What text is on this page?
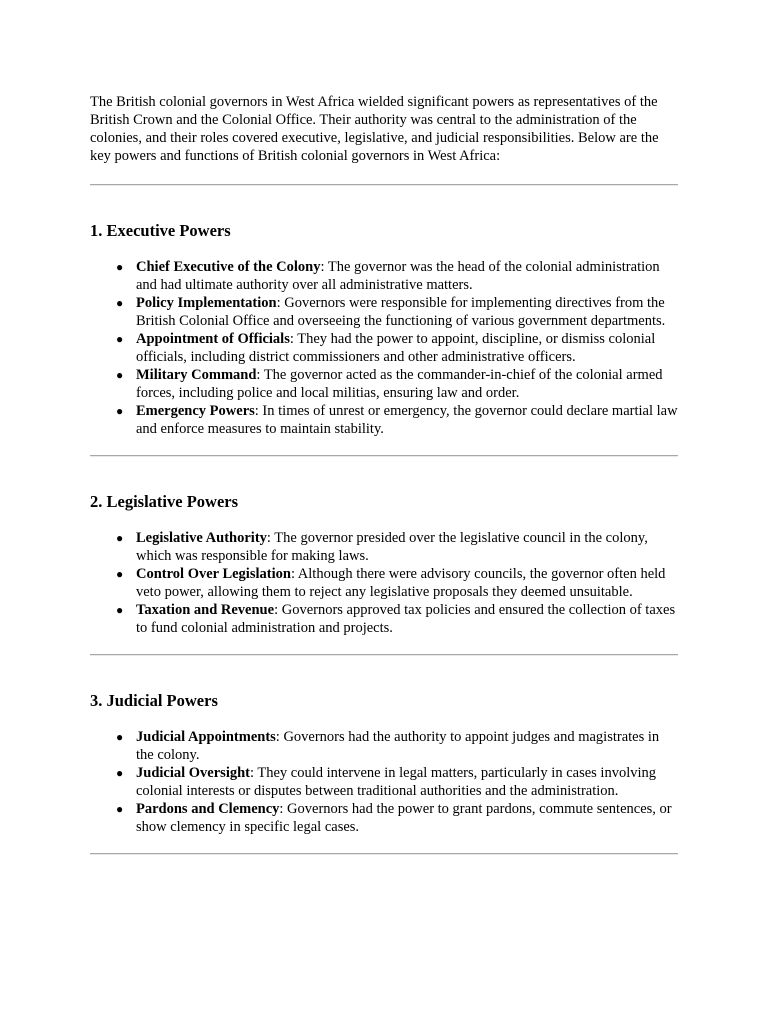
The British colonial governors in West Africa wielded significant powers as representatives of the British Crown and the Colonial Office. Their authority was central to the administration of the colonies, and their roles covered executive, legislative, and judicial responsibilities. Below are the key powers and functions of British colonial governors in West Africa:

1. Executive Powers
● Chief Executive of the Colony: The governor was the head of the colonial administration and had ultimate authority over all administrative matters.
● Policy Implementation: Governors were responsible for implementing directives from the British Colonial Office and overseeing the functioning of various government departments.
● Appointment of Officials: They had the power to appoint, discipline, or dismiss colonial officials, including district commissioners and other administrative officers.
● Military Command: The governor acted as the commander-in-chief of the colonial armed forces, including police and local militias, ensuring law and order.
● Emergency Powers: In times of unrest or emergency, the governor could declare martial law and enforce measures to maintain stability.
2. Legislative Powers
● Legislative Authority: The governor presided over the legislative council in the colony, which was responsible for making laws.
● Control Over Legislation: Although there were advisory councils, the governor often held veto power, allowing them to reject any legislative proposals they deemed unsuitable.
● Taxation and Revenue: Governors approved tax policies and ensured the collection of taxes to fund colonial administration and projects.
3. Judicial Powers
● Judicial Appointments: Governors had the authority to appoint judges and magistrates in the colony.
● Judicial Oversight: They could intervene in legal matters, particularly in cases involving colonial interests or disputes between traditional authorities and the administration.
● Pardons and Clemency: Governors had the power to grant pardons, commute sentences, or show clemency in specific legal cases.
